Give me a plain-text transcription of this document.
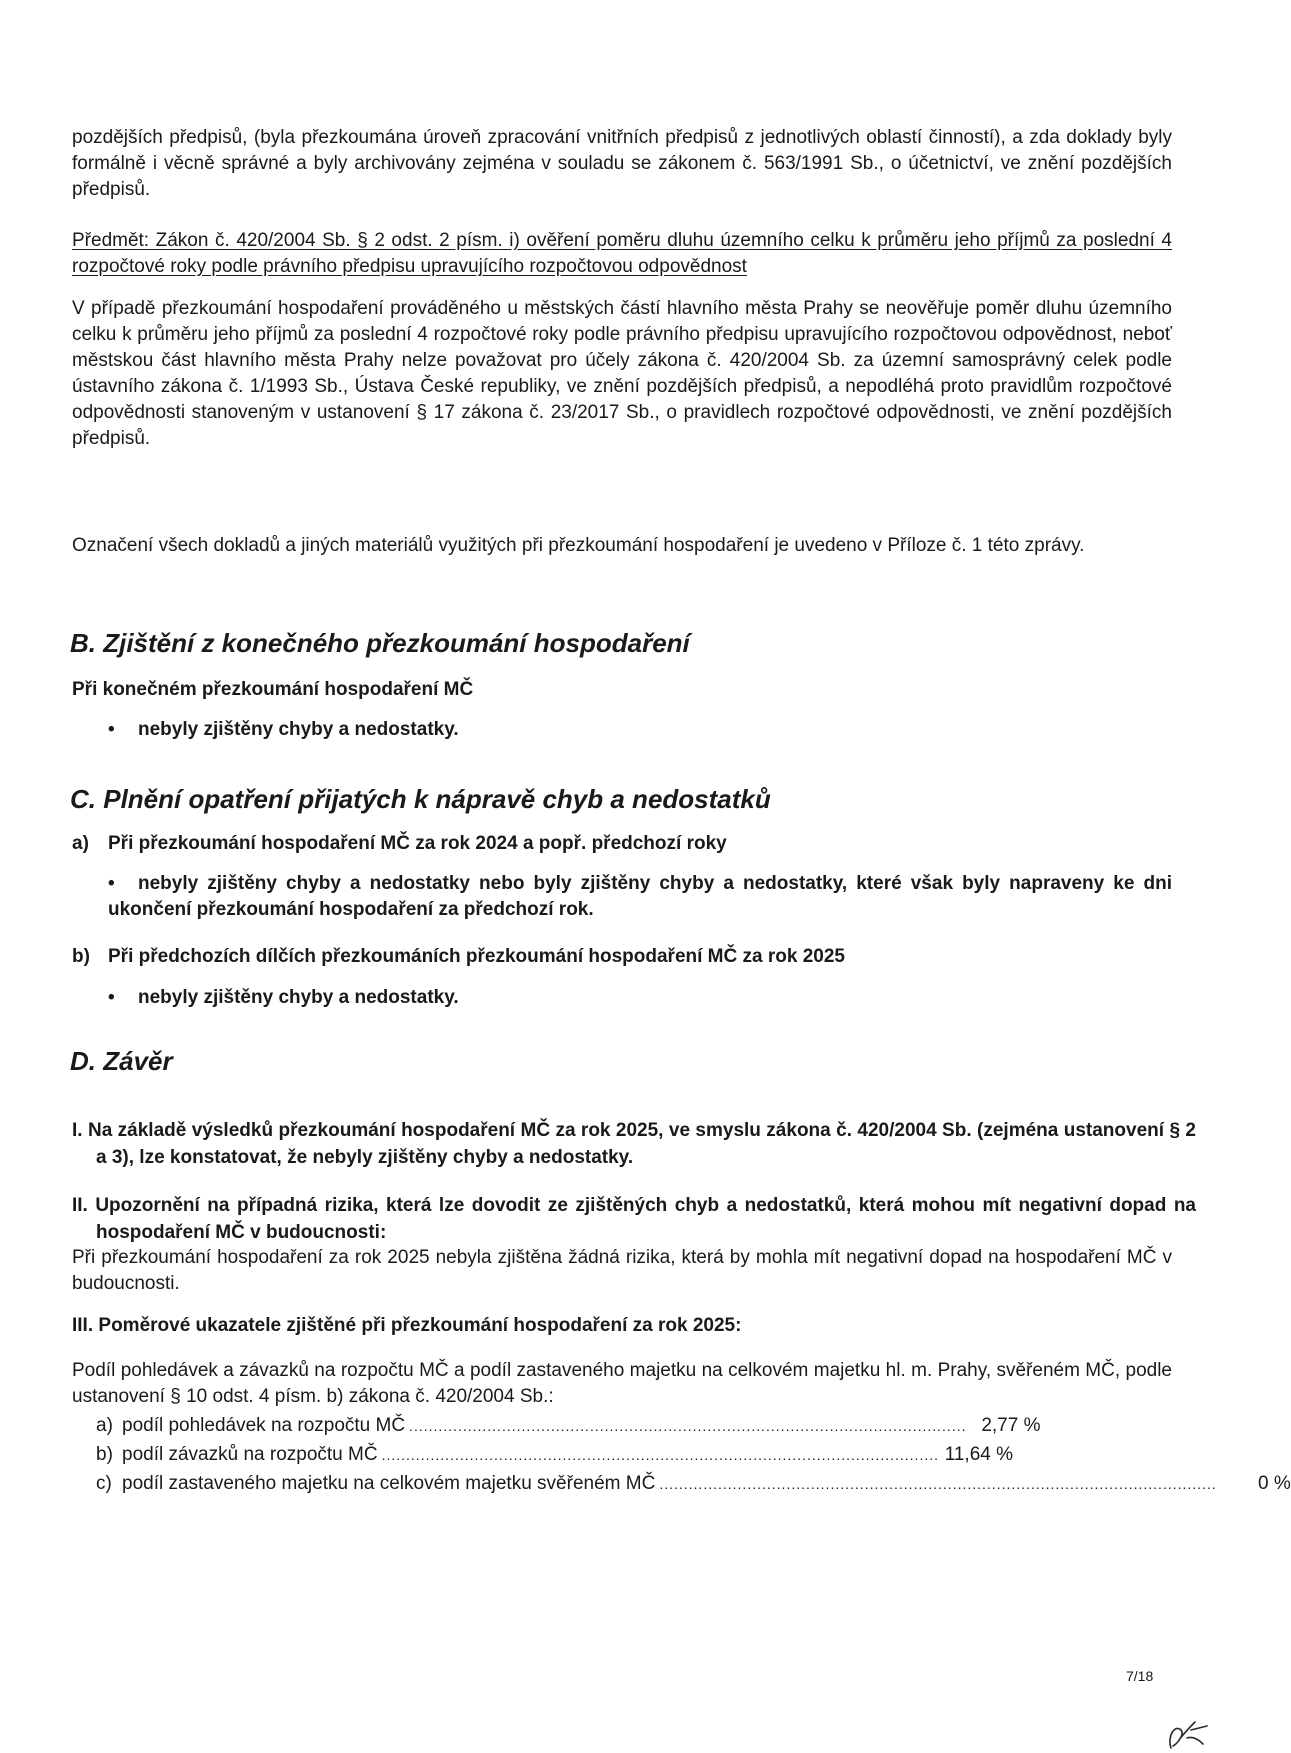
pozdějších předpisů, (byla přezkoumána úroveň zpracování vnitřních předpisů z jednotlivých oblastí činností), a zda doklady byly formálně i věcně správné a byly archivovány zejména v souladu se zákonem č. 563/1991 Sb., o účetnictví, ve znění pozdějších předpisů.

Předmět: Zákon č. 420/2004 Sb. § 2 odst. 2 písm. i) ověření poměru dluhu územního celku k průměru jeho příjmů za poslední 4 rozpočtové roky podle právního předpisu upravujícího rozpočtovou odpovědnost

V případě přezkoumání hospodaření prováděného u městských částí hlavního města Prahy se neověřuje poměr dluhu územního celku k průměru jeho příjmů za poslední 4 rozpočtové roky podle právního předpisu upravujícího rozpočtovou odpovědnost, neboť městskou část hlavního města Prahy nelze považovat pro účely zákona č. 420/2004 Sb. za územní samosprávný celek podle ústavního zákona č. 1/1993 Sb., Ústava České republiky, ve znění pozdějších předpisů, a nepodléhá proto pravidlům rozpočtové odpovědnosti stanoveným v ustanovení § 17 zákona č. 23/2017 Sb., o pravidlech rozpočtové odpovědnosti, ve znění pozdějších předpisů.

Označení všech dokladů a jiných materiálů využitých při přezkoumání hospodaření je uvedeno v Příloze č. 1 této zprávy.

B. Zjištění z konečného přezkoumání hospodaření

Při konečném přezkoumání hospodaření MČ

•	nebyly zjištěny chyby a nedostatky.
C. Plnění opatření přijatých k nápravě chyb a nedostatků
a)	Při přezkoumání hospodaření MČ za rok 2024 a popř. předchozí roky
•	nebyly zjištěny chyby a nedostatky nebo byly zjištěny chyby a nedostatky, které však byly napraveny ke dni ukončení přezkoumání hospodaření za předchozí rok.
b) Při předchozích dílčích přezkoumáních přezkoumání hospodaření MČ za rok 2025
•	nebyly zjištěny chyby a nedostatky.
D. Závěr

I. Na základě výsledků přezkoumání hospodaření MČ za rok 2025, ve smyslu zákona č. 420/2004 Sb. (zejména ustanovení § 2 a 3), lze konstatovat, že nebyly zjištěny chyby a nedostatky.

II. Upozornění na případná rizika, která lze dovodit ze zjištěných chyb a nedostatků, která mohou mít negativní dopad na hospodaření MČ v budoucnosti:

Při přezkoumání hospodaření za rok 2025 nebyla zjištěna žádná rizika, která by mohla mít negativní dopad na hospodaření MČ v budoucnosti.

III. Poměrové ukazatele zjištěné při přezkoumání hospodaření za rok 2025:

Podíl pohledávek a závazků na rozpočtu MČ a podíl zastaveného majetku na celkovém majetku hl. m. Prahy, svěřeném MČ, podle ustanovení § 10 odst. 4 písm. b) zákona č. 420/2004 Sb.:

a) podíl pohledávek na rozpočtu MČ .................................................................................................................. 2,77 %
b) podíl závazků na rozpočtu MČ .................................................................................................................. 11,64 %
c) podíl zastaveného majetku na celkovém majetku svěřeném MČ ..................................................................................................................	0 %
7/18
